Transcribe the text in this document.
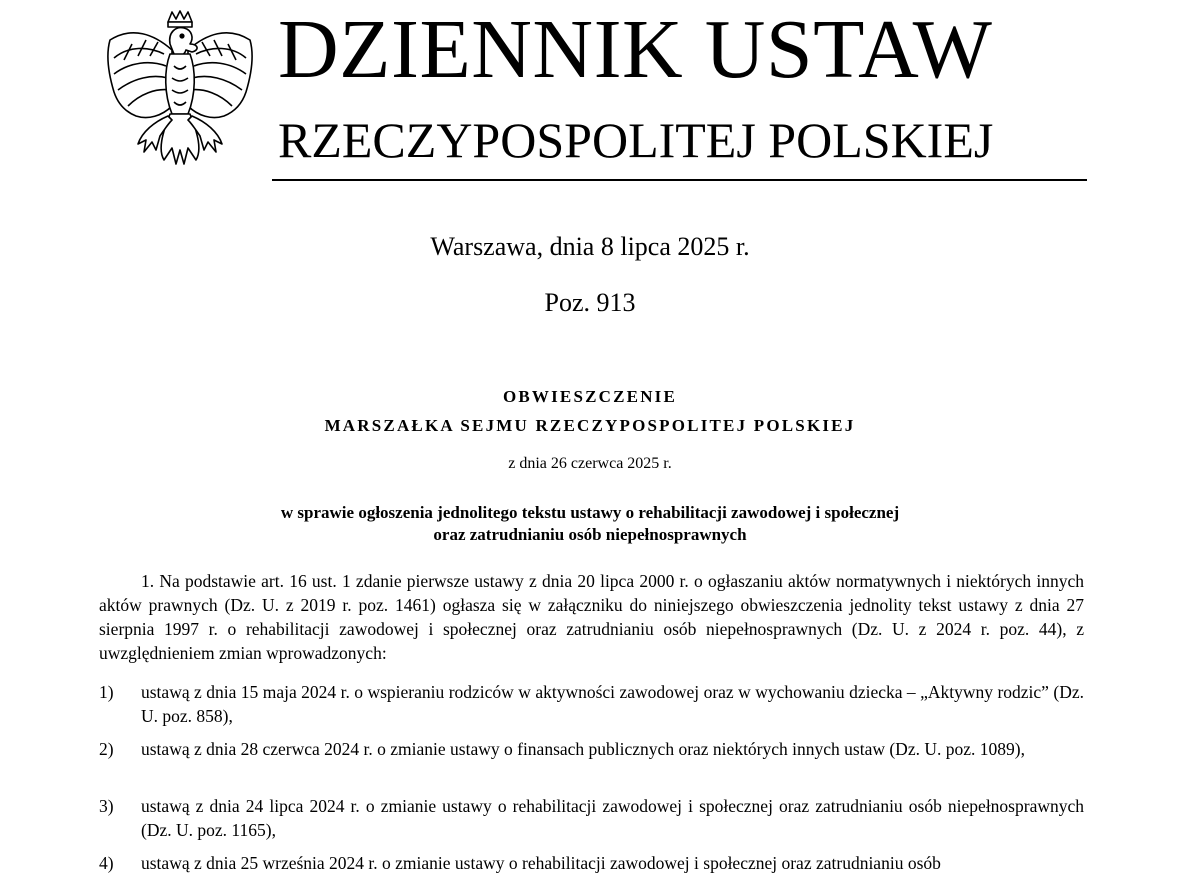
DZIENNIK USTAW
RZECZYPOSPOLITEJ POLSKIEJ
Warszawa, dnia 8 lipca 2025 r.
Poz. 913
OBWIESZCZENIE
MARSZAŁKA SEJMU RZECZYPOSPOLITEJ POLSKIEJ
z dnia 26 czerwca 2025 r.
w sprawie ogłoszenia jednolitego tekstu ustawy o rehabilitacji zawodowej i społecznej
oraz zatrudnianiu osób niepełnosprawnych

1. Na podstawie art. 16 ust. 1 zdanie pierwsze ustawy z dnia 20 lipca 2000 r. o ogłaszaniu aktów normatywnych i niektórych innych aktów prawnych (Dz. U. z 2019 r. poz. 1461) ogłasza się w załączniku do niniejszego obwieszczenia jednolity tekst ustawy z dnia 27 sierpnia 1997 r. o rehabilitacji zawodowej i społecznej oraz zatrudnianiu osób niepełnosprawnych (Dz. U. z 2024 r. poz. 44), z uwzględnieniem zmian wprowadzonych:

1) ustawą z dnia 15 maja 2024 r. o wspieraniu rodziców w aktywności zawodowej oraz w wychowaniu dziecka – „Aktywny rodzic” (Dz. U. poz. 858),
2) ustawą z dnia 28 czerwca 2024 r. o zmianie ustawy o finansach publicznych oraz niektórych innych ustaw (Dz. U. poz. 1089),
3) ustawą z dnia 24 lipca 2024 r. o zmianie ustawy o rehabilitacji zawodowej i społecznej oraz zatrudnianiu osób niepełnosprawnych (Dz. U. poz. 1165),
4) ustawą z dnia 25 września 2024 r. o zmianie ustawy o rehabilitacji zawodowej i społecznej oraz zatrudnianiu osób
